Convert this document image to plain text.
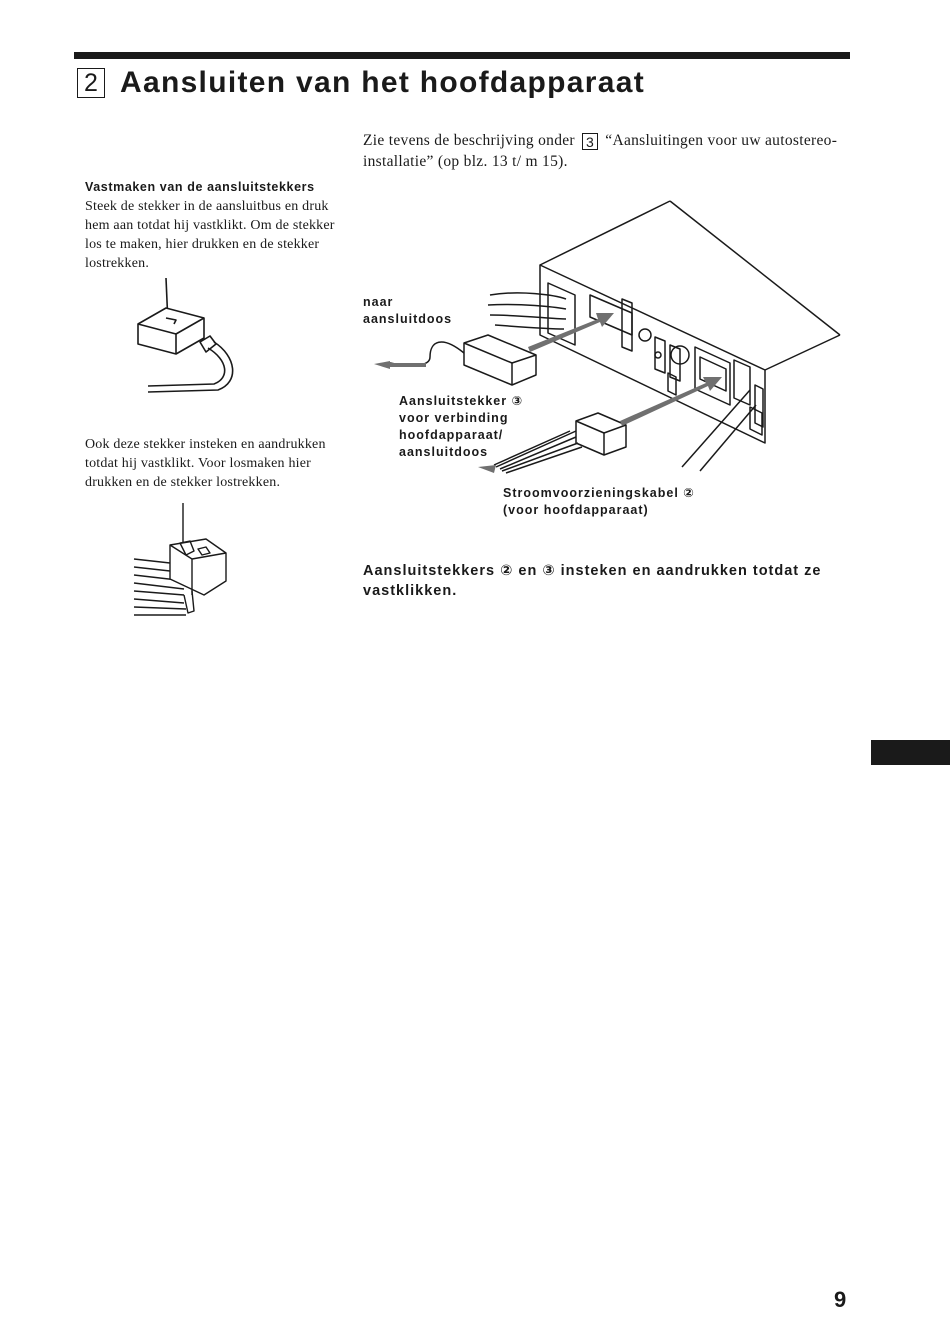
2 Aansluiten van het hoofdapparaat
Zie tevens de beschrijving onder 3 “Aansluitingen voor uw autostereo-installatie” (op blz. 13 t/ m 15).
Vastmaken van de aansluitstekkers
Steek de stekker in de aansluitbus en druk hem aan totdat hij vastklikt. Om de stekker los te maken, hier drukken en de stekker lostrekken.
Ook deze stekker insteken en aandrukken totdat hij vastklikt. Voor losmaken hier drukken en de stekker lostrekken.
naar
aansluitdoos
Aansluitstekker ③
voor verbinding
hoofdapparaat/
aansluitdoos
Stroomvoorzieningskabel ②
(voor hoofdapparaat)
Aansluitstekkers ② en ③ insteken en aandrukken totdat ze vastklikken.
9
